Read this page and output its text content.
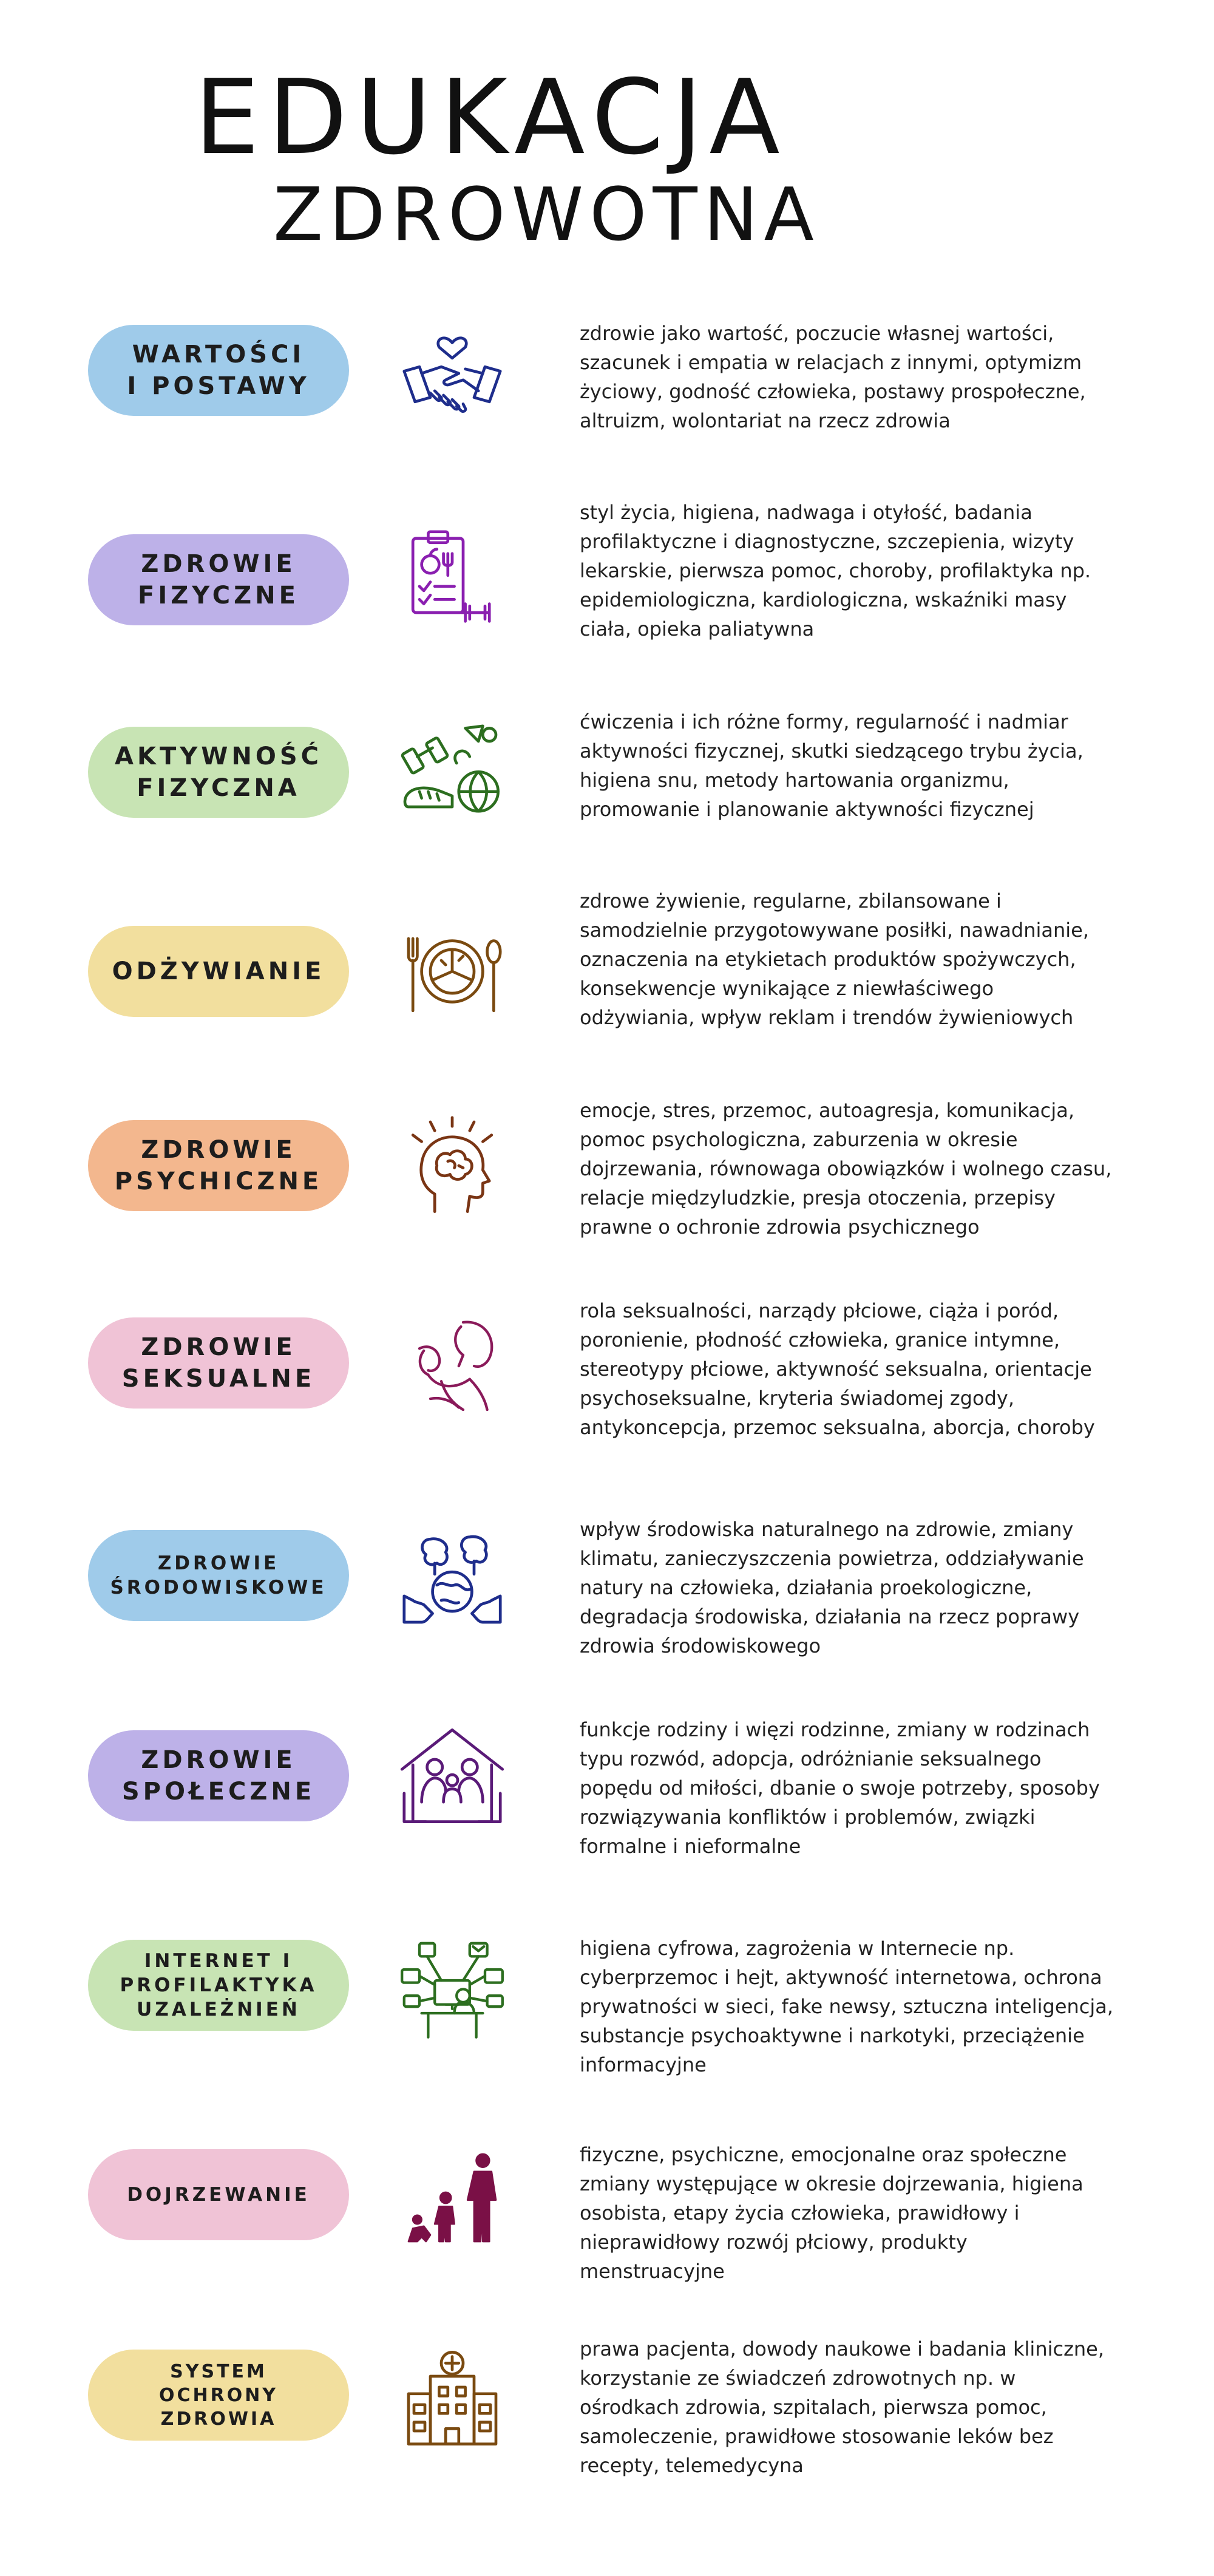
EDUKACJA
ZDROWOTNA
WARTOŚCI
I POSTAWY

zdrowie jako wartość, poczucie własnej wartości, szacunek i empatia w relacjach z innymi, optymizm życiowy, godność człowieka, postawy prospołeczne, altruizm, wolontariat na rzecz zdrowia

ZDROWIE
FIZYCZNE

styl życia, higiena, nadwaga i otyłość, badania profilaktyczne i diagnostyczne, szczepienia, wizyty lekarskie, pierwsza pomoc, choroby, profilaktyka np. epidemiologiczna, kardiologiczna, wskaźniki masy ciała, opieka paliatywna

AKTYWNOŚĆ
FIZYCZNA

ćwiczenia i ich różne formy, regularność i nadmiar aktywności fizycznej, skutki siedzącego trybu życia, higiena snu, metody hartowania organizmu, promowanie i planowanie aktywności fizycznej

ODŻYWIANIE

zdrowe żywienie, regularne, zbilansowane i samodzielnie przygotowywane posiłki, nawadnianie, oznaczenia na etykietach produktów spożywczych, konsekwencje wynikające z niewłaściwego odżywiania, wpływ reklam i trendów żywieniowych

ZDROWIE
PSYCHICZNE

emocje, stres, przemoc, autoagresja, komunikacja, pomoc psychologiczna, zaburzenia w okresie dojrzewania, równowaga obowiązków i wolnego czasu, relacje międzyludzkie, presja otoczenia, przepisy prawne o ochronie zdrowia psychicznego

ZDROWIE
SEKSUALNE

rola seksualności, narządy płciowe, ciąża i poród, poronienie, płodność człowieka, granice intymne, stereotypy płciowe, aktywność seksualna, orientacje psychoseksualne, kryteria świadomej zgody, antykoncepcja, przemoc seksualna, aborcja, choroby

ZDROWIE
ŚRODOWISKOWE

wpływ środowiska naturalnego na zdrowie, zmiany klimatu, zanieczyszczenia powietrza, oddziaływanie natury na człowieka, działania proekologiczne, degradacja środowiska, działania na rzecz poprawy zdrowia środowiskowego

ZDROWIE
SPOŁECZNE

funkcje rodziny i więzi rodzinne, zmiany w rodzinach typu rozwód, adopcja, odróżnianie seksualnego popędu od miłości, dbanie o swoje potrzeby, sposoby rozwiązywania konfliktów i problemów, związki formalne i nieformalne

INTERNET I
PROFILAKTYKA
UZALEŻNIEŃ

higiena cyfrowa, zagrożenia w Internecie np. cyberprzemoc i hejt, aktywność internetowa, ochrona prywatności w sieci, fake newsy, sztuczna inteligencja, substancje psychoaktywne i narkotyki, przeciążenie informacyjne

DOJRZEWANIE

fizyczne, psychiczne, emocjonalne oraz społeczne zmiany występujące w okresie dojrzewania, higiena osobista, etapy życia człowieka, prawidłowy i nieprawidłowy rozwój płciowy, produkty menstruacyjne

SYSTEM
OCHRONY
ZDROWIA

prawa pacjenta, dowody naukowe i badania kliniczne, korzystanie ze świadczeń zdrowotnych np. w ośrodkach zdrowia, szpitalach, pierwsza pomoc, samoleczenie, prawidłowe stosowanie leków bez recepty, telemedycyna
